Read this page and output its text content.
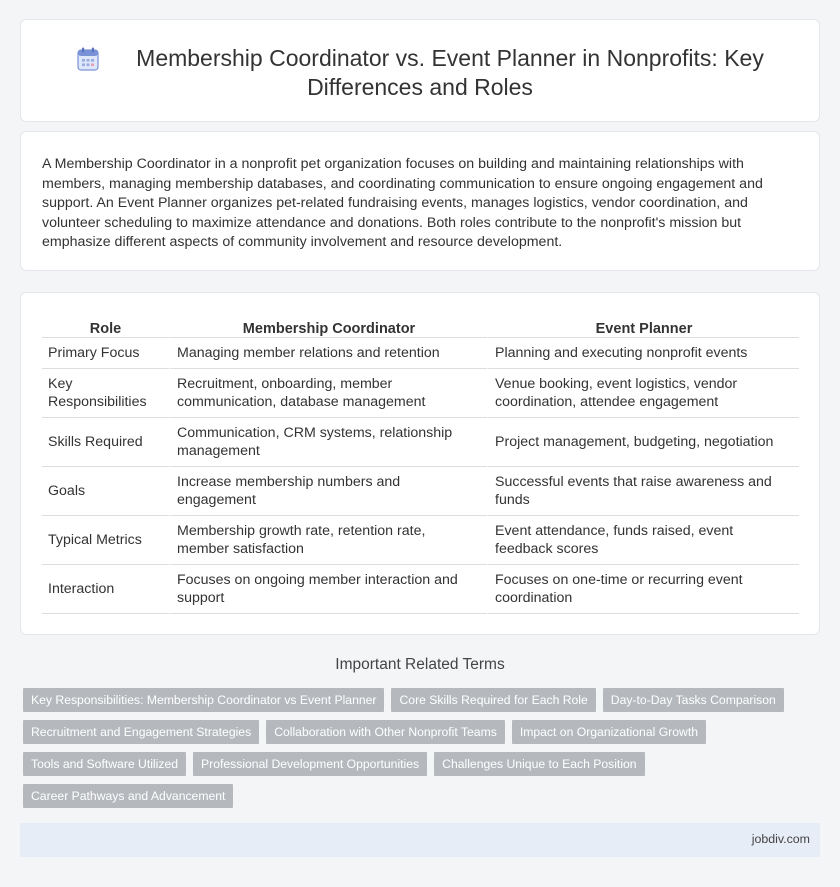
Membership Coordinator vs. Event Planner in Nonprofits: Key
Differences and Roles

A Membership Coordinator in a nonprofit pet organization focuses on building and maintaining relationships with members, managing membership databases, and coordinating communication to ensure ongoing engagement and support. An Event Planner organizes pet-related fundraising events, manages logistics, vendor coordination, and volunteer scheduling to maximize attendance and donations. Both roles contribute to the nonprofit's mission but emphasize different aspects of community involvement and resource development.

Role	Membership Coordinator	Event Planner
Primary Focus	Managing member relations and retention	Planning and executing nonprofit events
Key Responsibilities	Recruitment, onboarding, member communication, database management	Venue booking, event logistics, vendor coordination, attendee engagement
Skills Required	Communication, CRM systems, relationship management	Project management, budgeting, negotiation
Goals	Increase membership numbers and engagement	Successful events that raise awareness and funds
Typical Metrics	Membership growth rate, retention rate, member satisfaction	Event attendance, funds raised, event feedback scores
Interaction	Focuses on ongoing member interaction and support	Focuses on one-time or recurring event coordination
Important Related Terms
Key Responsibilities: Membership Coordinator vs Event Planner	Core Skills Required for Each Role	Day-to-Day Tasks Comparison
Recruitment and Engagement Strategies	Collaboration with Other Nonprofit Teams	Impact on Organizational Growth
Tools and Software Utilized	Professional Development Opportunities	Challenges Unique to Each Position
Career Pathways and Advancement
jobdiv.com
